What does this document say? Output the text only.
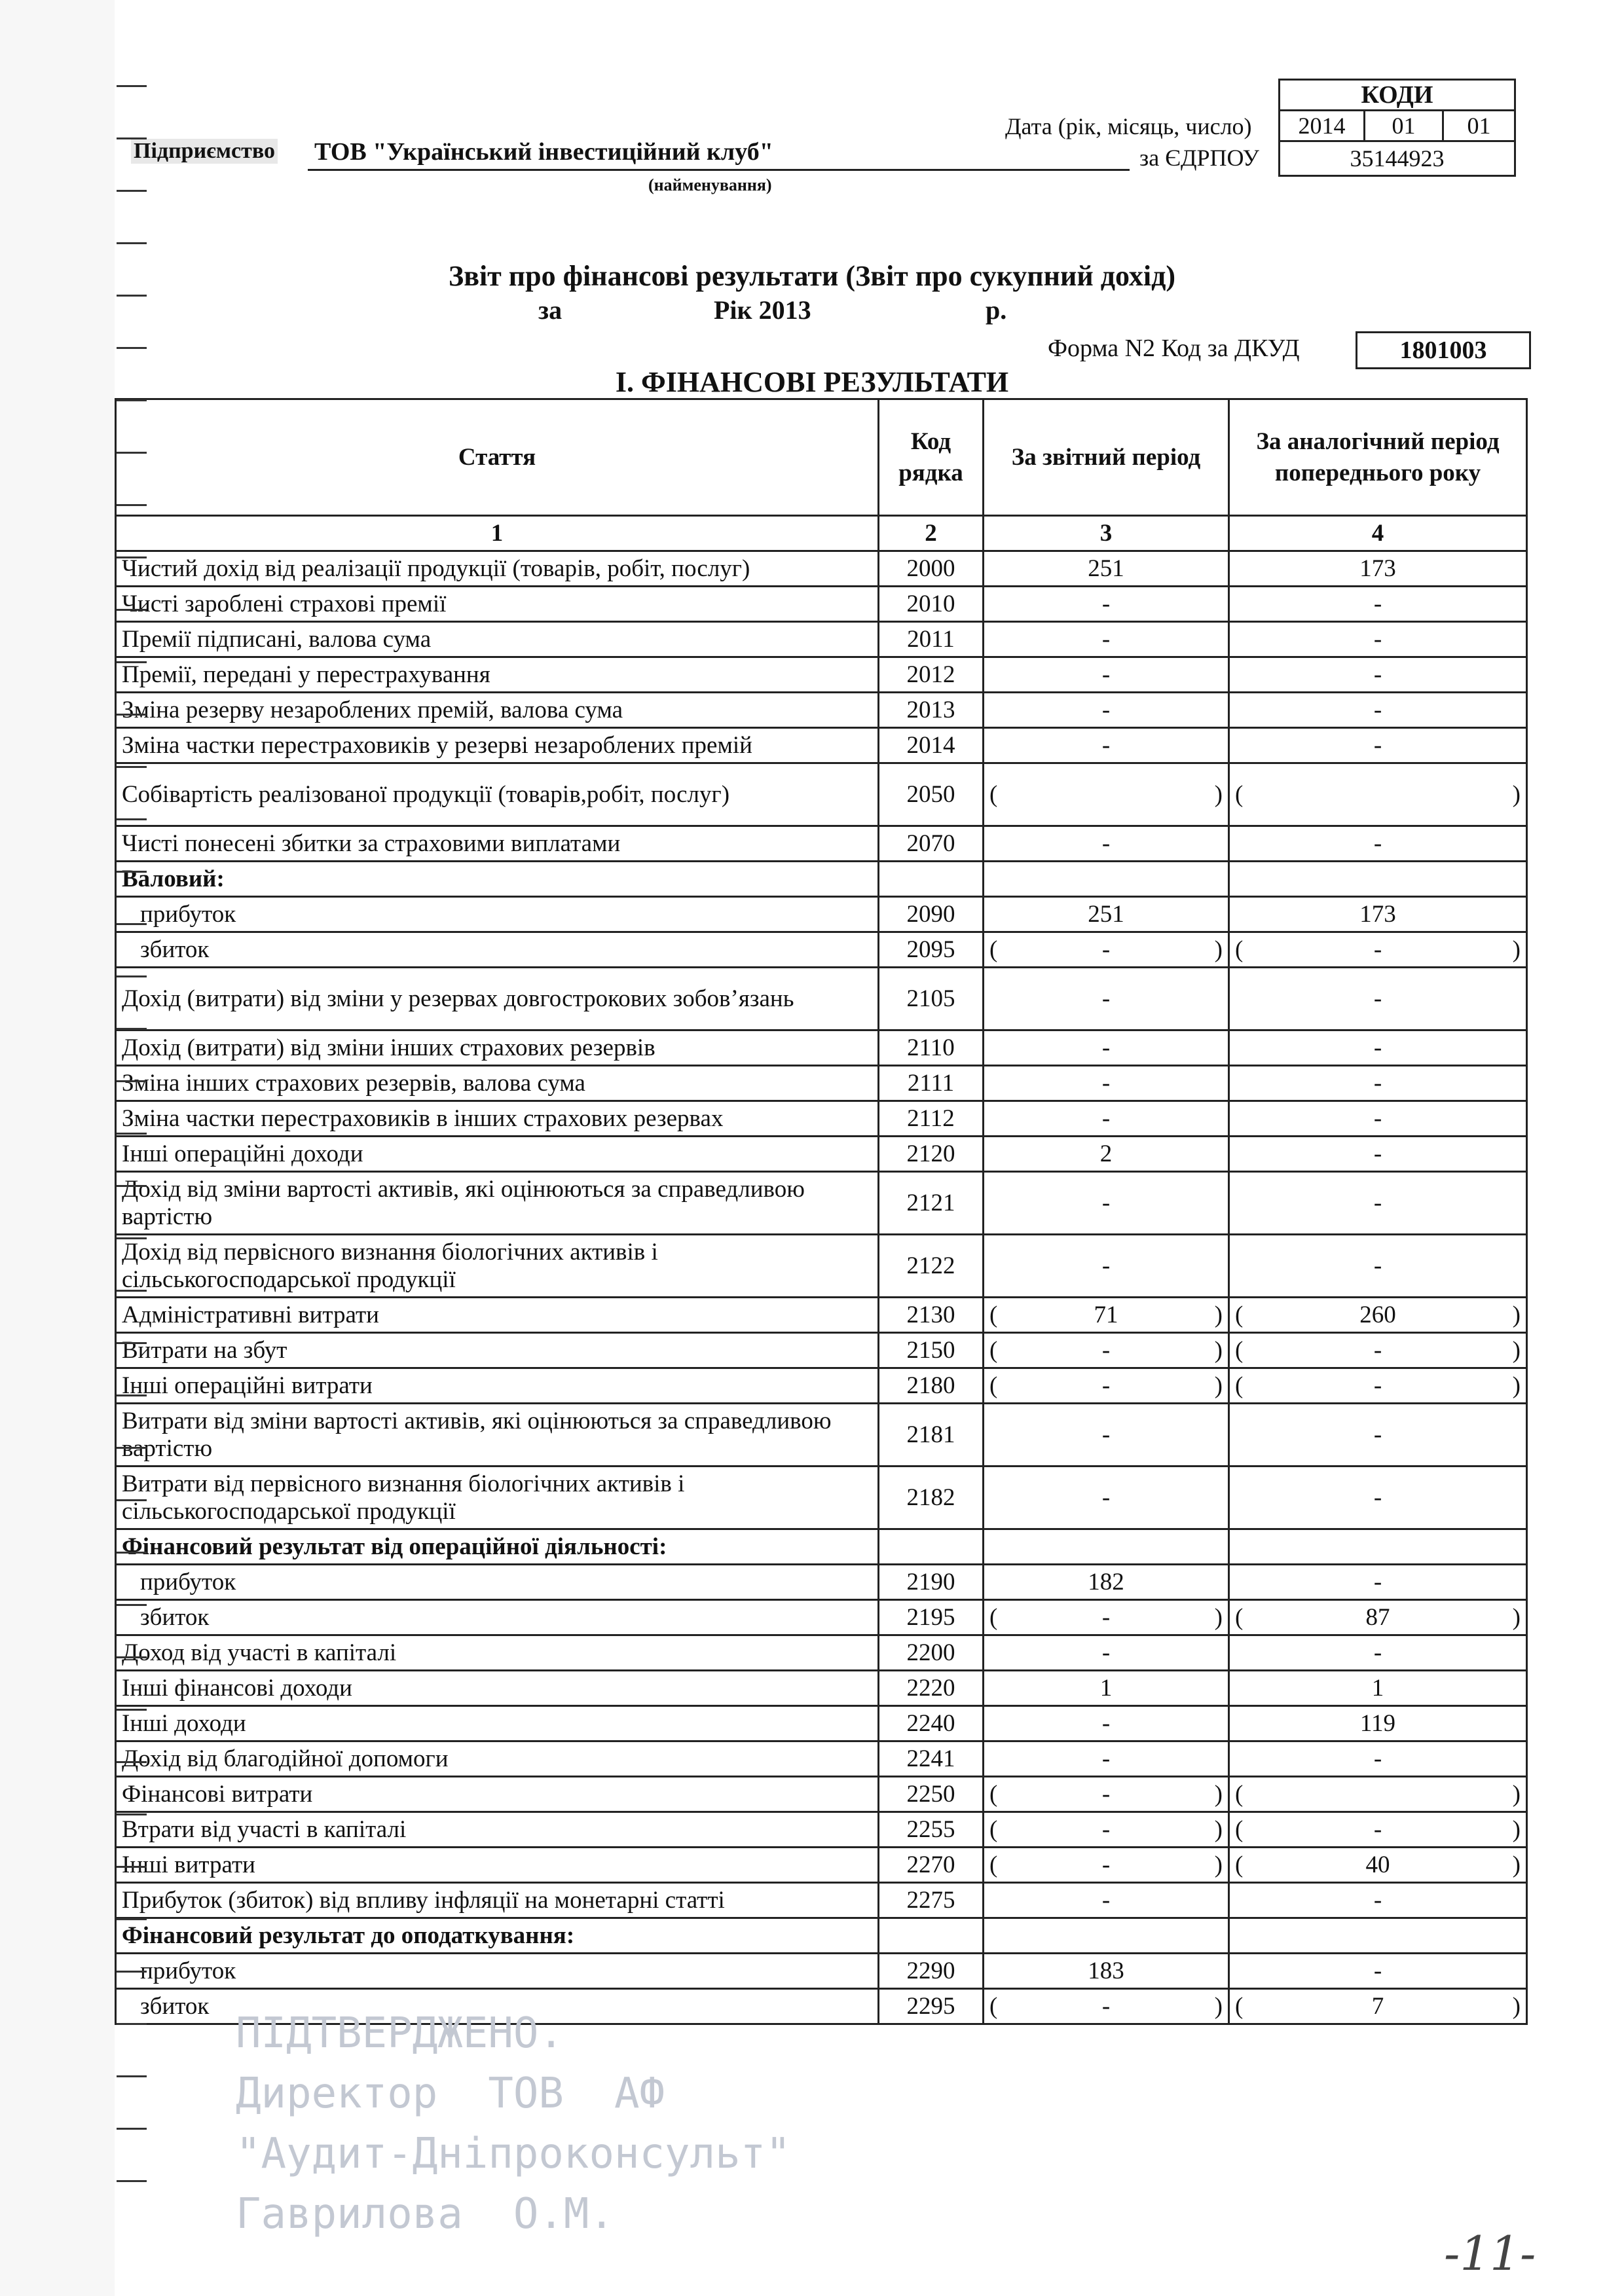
КОДИ
2014	01	01
35144923
Дата (рік, місяць, число)
за ЄДРПОУ
Підприємство ТОВ "Український інвестиційний клуб"
(найменування)
Звіт про фінансові результати (Звіт про сукупний дохід)
за	Рік 2013	р.
Форма N2 Код за ДКУД	1801003
I. ФІНАНСОВІ РЕЗУЛЬТАТИ
Стаття	Код рядка	За звітний період	За аналогічний період попереднього року
1	2	3	4
Чистий дохід від реалізації продукції (товарів, робіт, послуг)	2000	251	173
Чисті зароблені страхові премії	2010	-	-
Премії підписані, валова сума	2011	-	-
Премії, передані у перестрахування	2012	-	-
Зміна резерву незароблених премій, валова сума	2013	-	-
Зміна частки перестраховиків у резерві незароблених премій	2014	-	-
Собівартість реалізованої продукції (товарів,робіт, послуг)	2050	( )	( )

Чисті понесені збитки за страховими виплатами	2070	-	-
Валовий:			
прибуток	2090	251	173
збиток	2095	( - )	( - )

Дохід (витрати) від зміни у резервах довгострокових зобов’язань	2105	-	-
Дохід (витрати) від зміни інших страхових резервів	2110	-	-
Зміна інших страхових резервів, валова сума	2111	-	-
Зміна частки перестраховиків в інших страхових резервах	2112	-	-
Інші операційні доходи	2120	2	-
Дохід від зміни вартості активів, які оцінюються за справедливою вартістю	2121	-	-
Дохід від первісного визнання біологічних активів і сільськогосподарської продукції	2122	-	-
Адміністративні витрати	2130	( 71 )	( 260 )

Витрати на збут	2150	( - )	( - )

Інші операційні витрати	2180	( - )	( - )

Витрати від зміни вартості активів, які оцінюються за справедливою вартістю	2181	-	-
Витрати від первісного визнання біологічних активів і сільськогосподарської продукції	2182	-	-
Фінансовий результат від операційної діяльності:			
прибуток	2190	182	-
збиток	2195	( - )	( 87 )

Доход від участі в капіталі	2200	-	-
Інші фінансові доходи	2220	1	1
Інші доходи	2240	-	119
Дохід від благодійної допомоги	2241	-	-
Фінансові витрати	2250	( - )	( )

Втрати від участі в капіталі	2255	( - )	( - )

Інші витрати	2270	( - )	( 40 )

Прибуток (збиток) від впливу інфляції на монетарні статті	2275	-	-
Фінансовий результат до оподаткування:			
прибуток	2290	183	-
збиток	2295	( - )	( 7 )
ПІДТВЕРДЖЕНО.
Директор  ТОВ  АФ
"Аудит-Дніпроконсульт"
Гаврилова  О.М.
-11-
